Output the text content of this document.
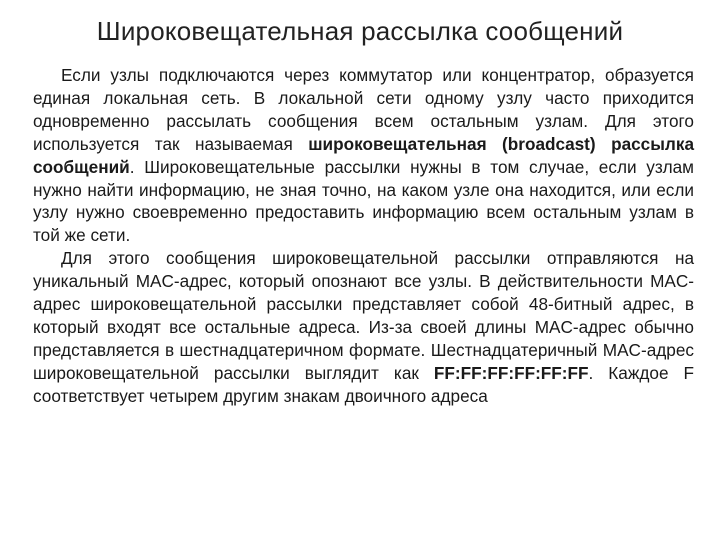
Широковещательная рассылка сообщений

Если узлы подключаются через коммутатор или концентратор, образуется единая локальная сеть. В локальной сети одному узлу часто приходится одновременно рассылать сообщения всем остальным узлам. Для этого используется так называемая широковещательная (broadcast) рассылка сообщений. Широковещательные рассылки нужны в том случае, если узлам нужно найти информацию, не зная точно, на каком узле она находится, или если узлу нужно своевременно предоставить информацию всем остальным узлам в той же сети.

Для этого сообщения широковещательной рассылки отправляются на уникальный MAC-адрес, который опознают все узлы. В действительности MAC-адрес широковещательной рассылки представляет собой 48-битный адрес, в который входят все остальные адреса. Из-за своей длины MAC-адрес обычно представляется в шестнадцатеричном формате. Шестнадцатеричный MAC-адрес широковещательной рассылки выглядит как FF:FF:FF:FF:FF:FF. Каждое F соответствует четырем другим знакам двоичного адреса
